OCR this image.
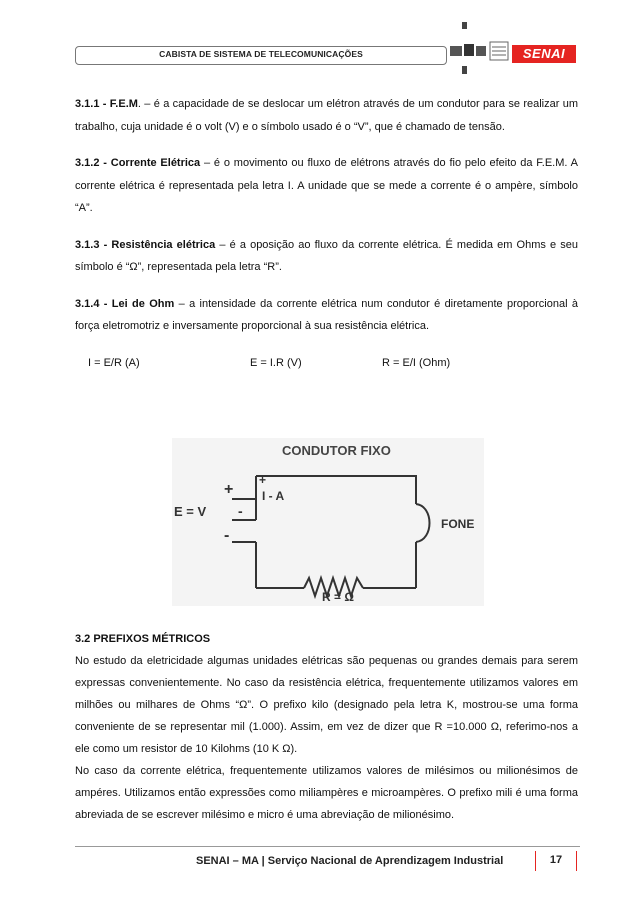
CABISTA DE SISTEMA DE TELECOMUNICAÇÕES	SENAI

3.1.1 - F.E.M. – é a capacidade de se deslocar um elétron através de um condutor para se realizar um trabalho, cuja unidade é o volt (V) e o símbolo usado é o “V”, que é chamado de tensão.

3.1.2 - Corrente Elétrica – é o movimento ou fluxo de elétrons através do fio pelo efeito da F.E.M. A corrente elétrica é representada pela letra I. A unidade que se mede a corrente é o ampère, símbolo “A”.

3.1.3 - Resistência elétrica – é a oposição ao fluxo da corrente elétrica. É medida em Ohms e seu símbolo é “Ω”, representada pela letra “R”.

3.1.4 - Lei de Ohm – a intensidade da corrente elétrica num condutor é diretamente proporcional à força eletromotriz e inversamente proporcional à sua resistência elétrica.

I = E/R (A)	E = I.R (V)	R = E/I (Ohm)
CONDUTOR FIXO
E = V
+
-
+
I - A
-
FONE
R = Ω

3.2 PREFIXOS MÉTRICOS

No estudo da eletricidade algumas unidades elétricas são pequenas ou grandes demais para serem expressas convenientemente. No caso da resistência elétrica, frequentemente utilizamos valores em milhões ou milhares de Ohms “Ω”. O prefixo kilo (designado pela letra K, mostrou-se uma forma conveniente de se representar mil (1.000). Assim, em vez de dizer que R =10.000 Ω, referimo-nos a ele como um resistor de 10 Kilohms (10 K Ω).

No caso da corrente elétrica, frequentemente utilizamos valores de milésimos ou milionésimos de ampéres. Utilizamos então expressões como miliampères e microampères. O prefixo mili é uma forma abreviada de se escrever milésimo e micro é uma abreviação de milionésimo.

SENAI – MA | Serviço Nacional de Aprendizagem Industrial	17
